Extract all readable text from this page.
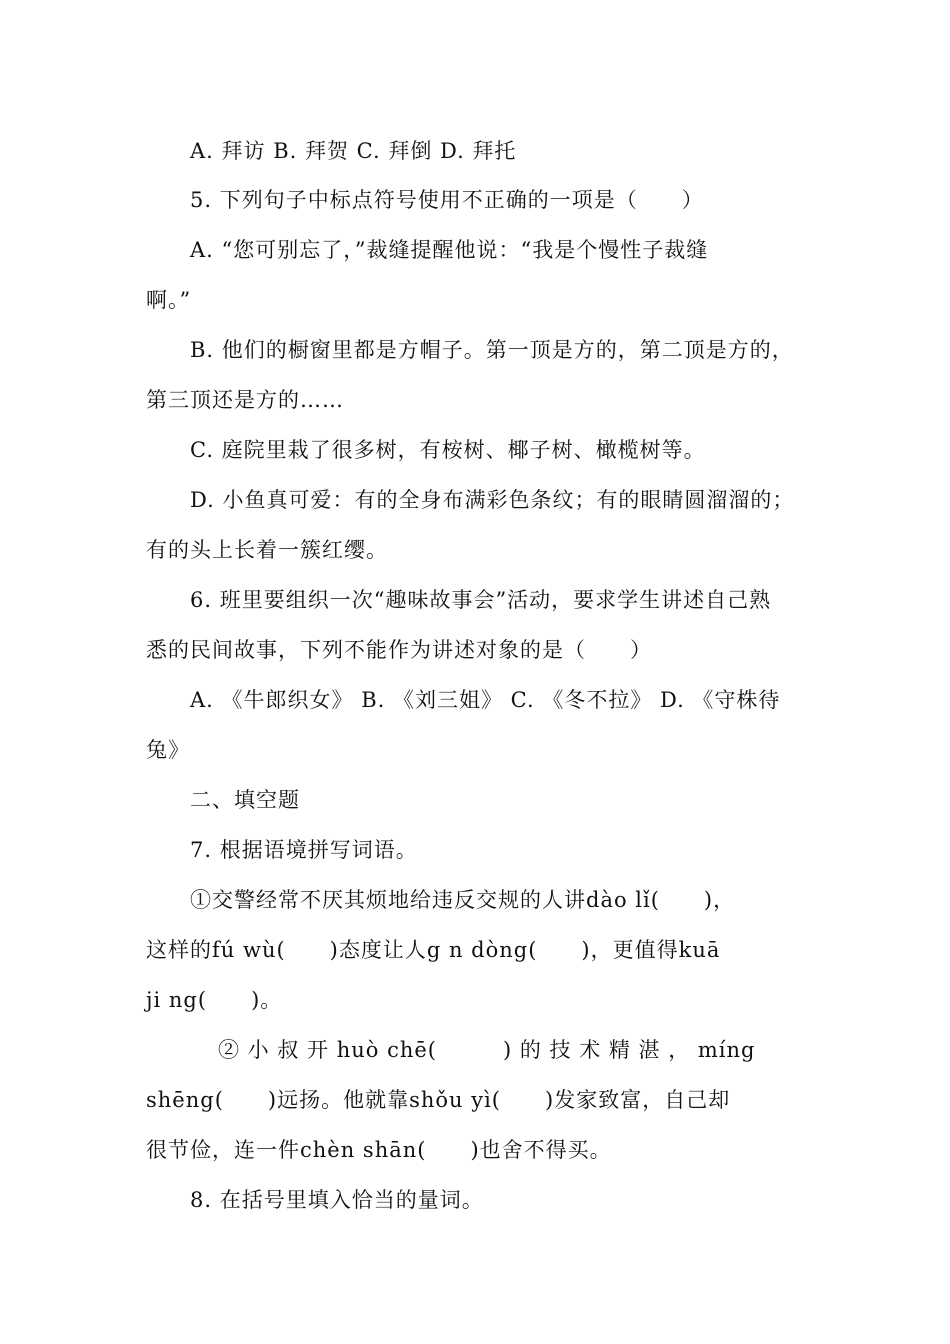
A. 拜访 B. 拜贺 C. 拜倒 D. 拜托
5. 下列句子中标点符号使用不正确的一项是（　　）
A. “您可别忘了，”裁缝提醒他说：“我是个慢性子裁缝
啊。”
B. 他们的橱窗里都是方帽子。第一顶是方的，第二顶是方的，
第三顶还是方的……
C. 庭院里栽了很多树，有桉树、椰子树、橄榄树等。
D. 小鱼真可爱：有的全身布满彩色条纹；有的眼睛圆溜溜的；
有的头上长着一簇红缨。
6. 班里要组织一次“趣味故事会”活动，要求学生讲述自己熟
悉的民间故事，下列不能作为讲述对象的是（　　）
A. 《牛郎织女》 B. 《刘三姐》 C. 《冬不拉》 D. 《守株待
兔》
二、填空题
7. 根据语境拼写词语。
①交警经常不厌其烦地给违反交规的人讲dào lǐ(　　)，
这样的fú wù(　　)态度让人g n dòng(　　)，更值得kuā
ji ng(　　)。
② 小 叔 开 huò chē(　　　) 的 技 术 精 湛 ， míng
shēng(　　)远扬。他就靠shǒu yì(　　)发家致富，自己却
很节俭，连一件chèn shān(　　)也舍不得买。
8. 在括号里填入恰当的量词。
